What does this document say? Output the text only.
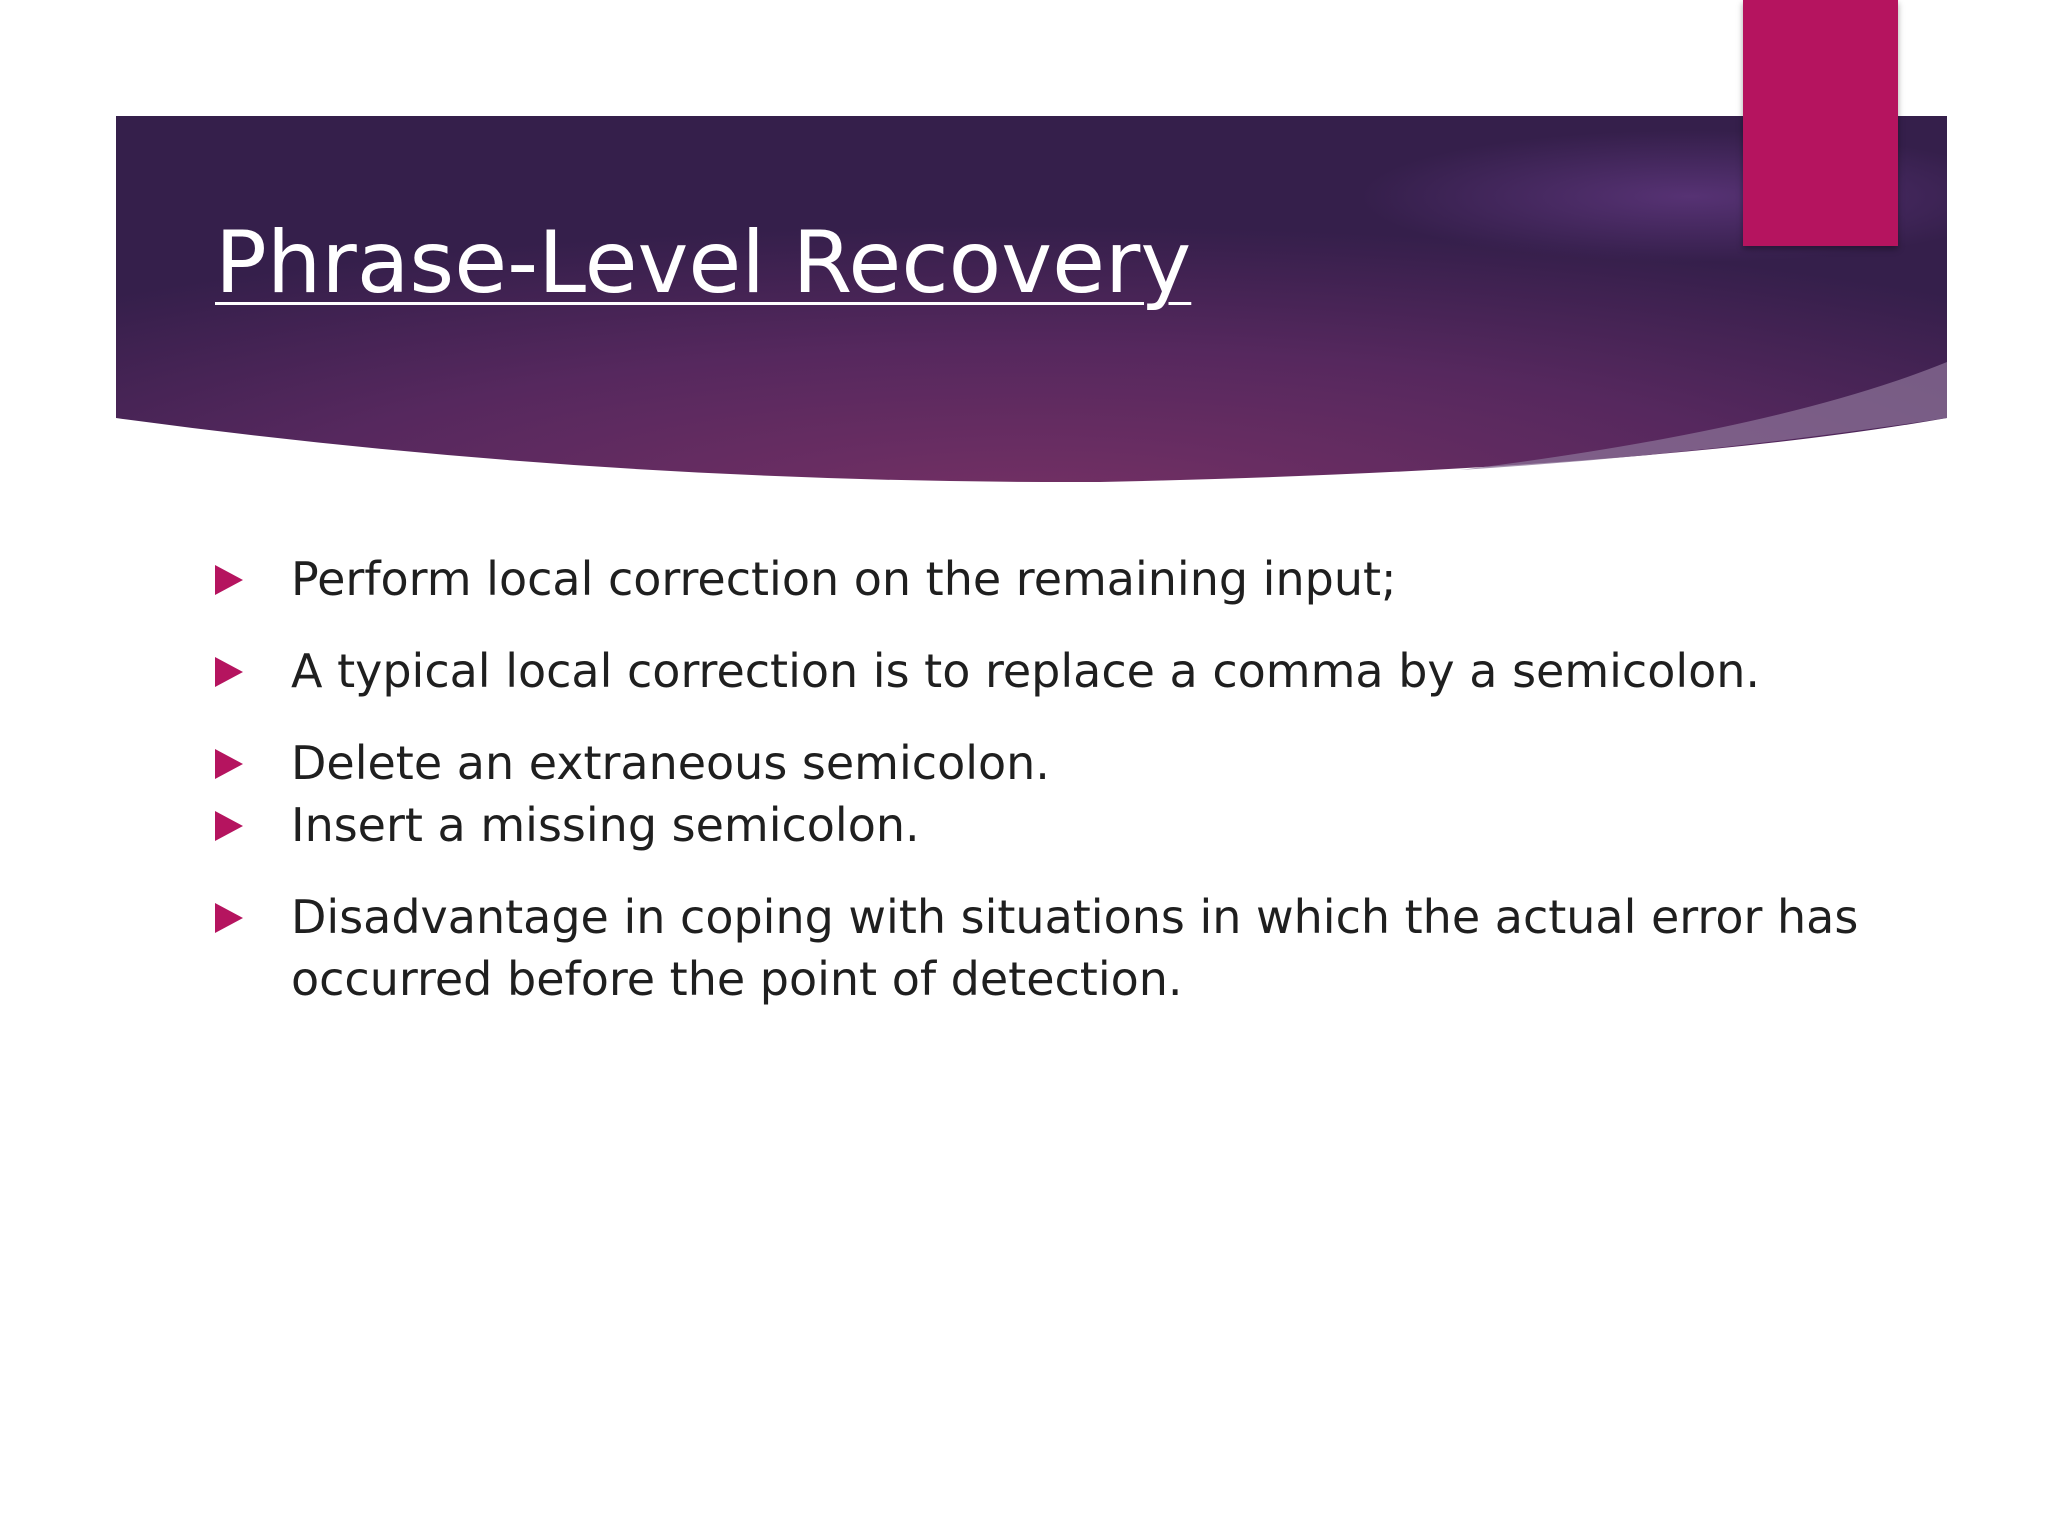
Phrase-Level Recovery
Perform local correction on the remaining input;
A typical local correction is to replace a comma by a semicolon.
Delete an extraneous semicolon.
Insert a missing semicolon.
Disadvantage in coping with situations in which the actual error has occurred before the point of detection.
